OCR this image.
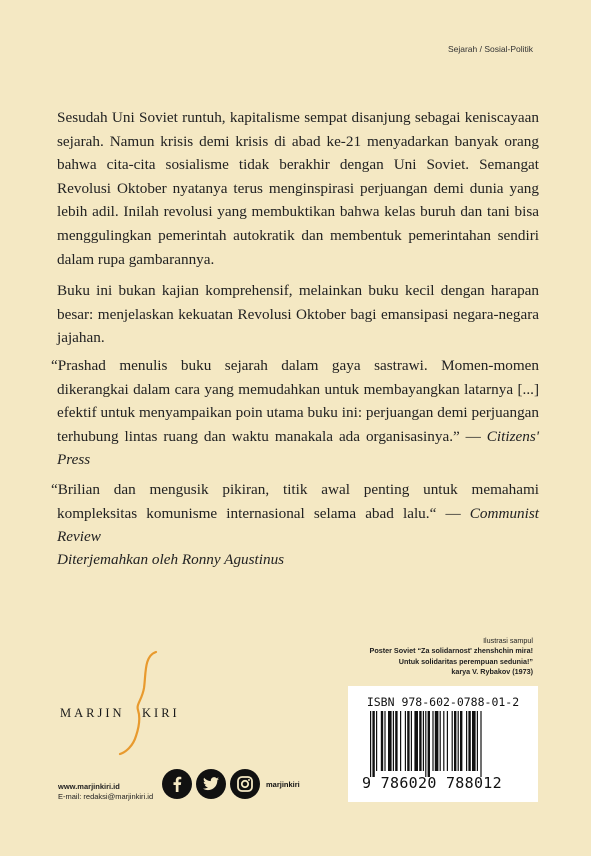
Sejarah / Sosial-Politik

Sesudah Uni Soviet runtuh, kapitalisme sempat disanjung sebagai keniscayaan sejarah. Namun krisis demi krisis di abad ke-21 menyadarkan banyak orang bahwa cita-cita sosialisme tidak berakhir dengan Uni Soviet. Semangat Revolusi Oktober nyatanya terus menginspirasi perjuangan demi dunia yang lebih adil. Inilah revolusi yang membuktikan bahwa kelas buruh dan tani bisa menggulingkan pemerintah autokratik dan membentuk pemerintahan sendiri dalam rupa gambarannya.

Buku ini bukan kajian komprehensif, melainkan buku kecil dengan harapan besar: menjelaskan kekuatan Revolusi Oktober bagi emansipasi negara-negara jajahan.

“Prashad menulis buku sejarah dalam gaya sastrawi. Momen-momen dikerangkai dalam cara yang memudahkan untuk membayangkan latarnya [...] efektif untuk menyampaikan poin utama buku ini: perjuangan demi perjuangan terhubung lintas ruang dan waktu manakala ada organisasinya.” — Citizens' Press

“Brilian dan mengusik pikiran, titik awal penting untuk memahami kompleksitas komunisme internasional selama abad lalu.“ — Communist Review

Diterjemahkan oleh Ronny Agustinus

Ilustrasi sampul
Poster Soviet “Za solidarnost' zhenshchin mira!
Untuk solidaritas perempuan sedunia!”
karya V. Rybakov (1973)
MARJIN KIRI
www.marjinkiri.id
E-mail: redaksi@marjinkiri.id
marjinkiri
ISBN 978-602-0788-01-2
9 786020 788012
